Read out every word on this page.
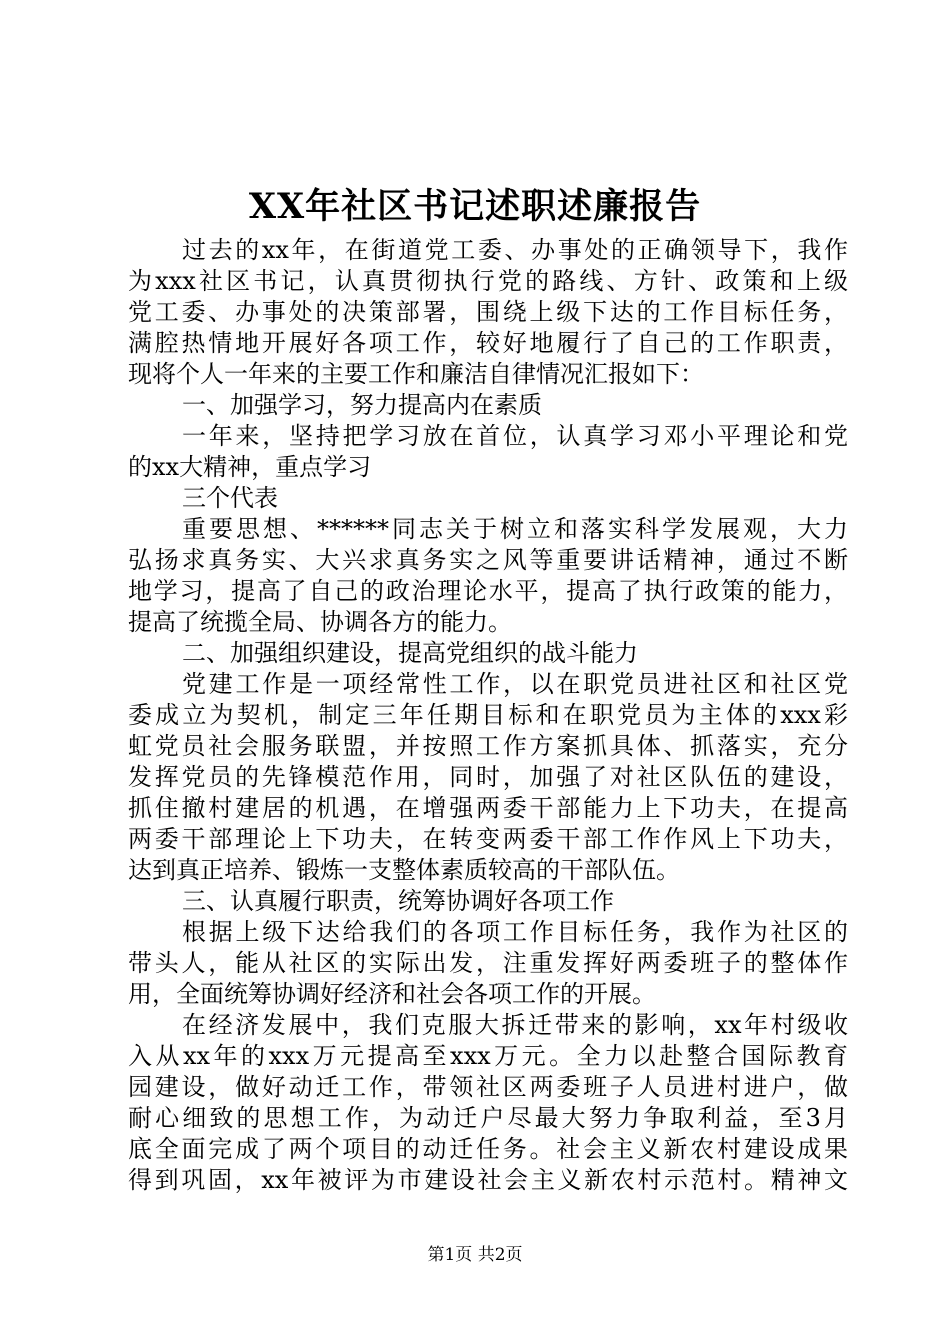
XX年社区书记述职述廉报告
过去的xx年，在街道党工委、办事处的正确领导下，我作
为xxx社区书记，认真贯彻执行党的路线、方针、政策和上级
党工委、办事处的决策部署，围绕上级下达的工作目标任务，
满腔热情地开展好各项工作，较好地履行了自己的工作职责，
现将个人一年来的主要工作和廉洁自律情况汇报如下：
一、加强学习，努力提高内在素质
一年来，坚持把学习放在首位，认真学习邓小平理论和党
的xx大精神，重点学习
三个代表
重要思想、******同志关于树立和落实科学发展观，大力
弘扬求真务实、大兴求真务实之风等重要讲话精神，通过不断
地学习，提高了自己的政治理论水平，提高了执行政策的能力，
提高了统揽全局、协调各方的能力。
二、加强组织建设，提高党组织的战斗能力
党建工作是一项经常性工作，以在职党员进社区和社区党
委成立为契机，制定三年任期目标和在职党员为主体的xxx彩
虹党员社会服务联盟，并按照工作方案抓具体、抓落实，充分
发挥党员的先锋模范作用，同时，加强了对社区队伍的建设，
抓住撤村建居的机遇，在增强两委干部能力上下功夫，在提高
两委干部理论上下功夫，在转变两委干部工作作风上下功夫，
达到真正培养、锻炼一支整体素质较高的干部队伍。
三、认真履行职责，统筹协调好各项工作
根据上级下达给我们的各项工作目标任务，我作为社区的
带头人，能从社区的实际出发，注重发挥好两委班子的整体作
用，全面统筹协调好经济和社会各项工作的开展。
在经济发展中，我们克服大拆迁带来的影响，xx年村级收
入从xx年的xxx万元提高至xxx万元。全力以赴整合国际教育
园建设，做好动迁工作，带领社区两委班子人员进村进户，做
耐心细致的思想工作，为动迁户尽最大努力争取利益，至3月
底全面完成了两个项目的动迁任务。社会主义新农村建设成果
得到巩固，xx年被评为市建设社会主义新农村示范村。精神文
第1页 共2页
